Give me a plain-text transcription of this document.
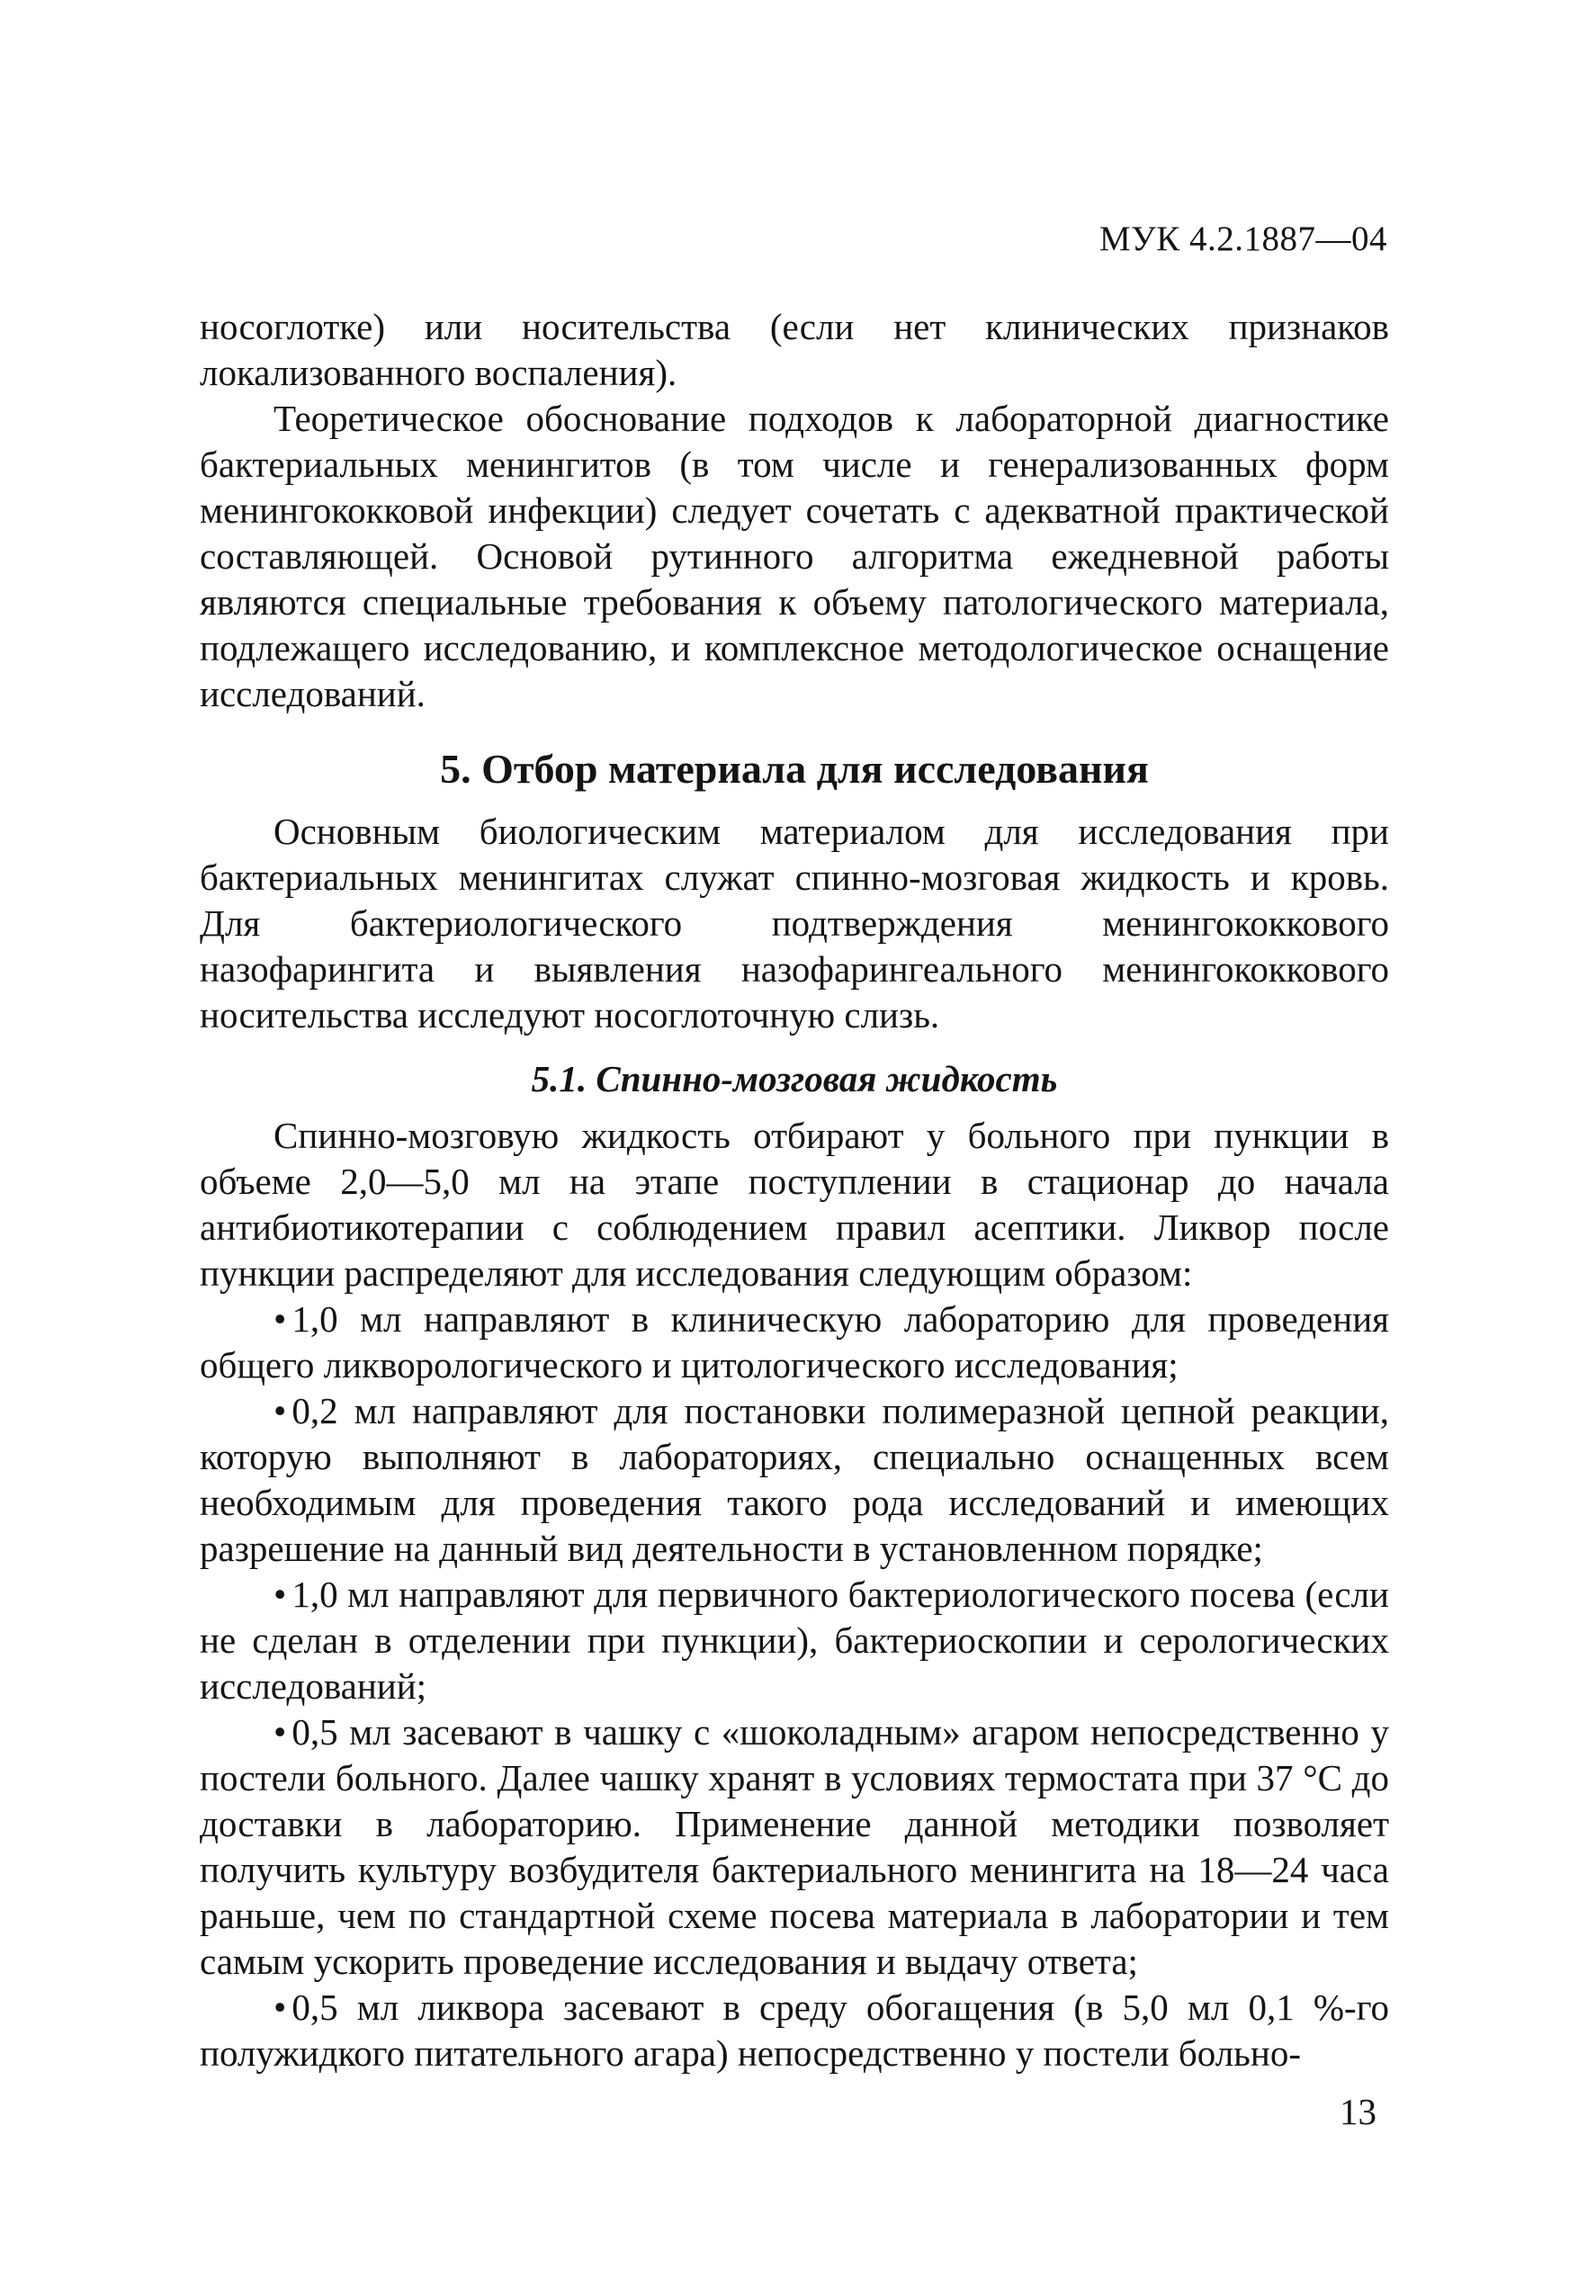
МУК 4.2.1887—04

носоглотке) или носительства (если нет клинических признаков локализованного воспаления).

Теоретическое обоснование подходов к лабораторной диагностике бактериальных менингитов (в том числе и генерализованных форм менингококковой инфекции) следует сочетать с адекватной практической составляющей. Основой рутинного алгоритма ежедневной работы являются специальные требования к объему патологического материала, подлежащего исследованию, и комплексное методологическое оснащение исследований.

5. Отбор материала для исследования

Основным биологическим материалом для исследования при бактериальных менингитах служат спинно-мозговая жидкость и кровь. Для бактериологического подтверждения менингококкового назофарингита и выявления назофарингеального менингококкового носительства исследуют носоглоточную слизь.

5.1. Спинно-мозговая жидкость

Спинно-мозговую жидкость отбирают у больного при пункции в объеме 2,0—5,0 мл на этапе поступлении в стационар до начала антибиотикотерапии с соблюдением правил асептики. Ликвор после пункции распределяют для исследования следующим образом:

• 1,0 мл направляют в клиническую лабораторию для проведения общего ликворологического и цитологического исследования;

• 0,2 мл направляют для постановки полимеразной цепной реакции, которую выполняют в лабораториях, специально оснащенных всем необходимым для проведения такого рода исследований и имеющих разрешение на данный вид деятельности в установленном порядке;

• 1,0 мл направляют для первичного бактериологического посева (если не сделан в отделении при пункции), бактериоскопии и серологических исследований;

• 0,5 мл засевают в чашку с «шоколадным» агаром непосредственно у постели больного. Далее чашку хранят в условиях термостата при 37 °С до доставки в лабораторию. Применение данной методики позволяет получить культуру возбудителя бактериального менингита на 18—24 часа раньше, чем по стандартной схеме посева материала в лаборатории и тем самым ускорить проведение исследования и выдачу ответа;

• 0,5 мл ликвора засевают в среду обогащения (в 5,0 мл 0,1 %-го полужидкого питательного агара) непосредственно у постели больно-

13
